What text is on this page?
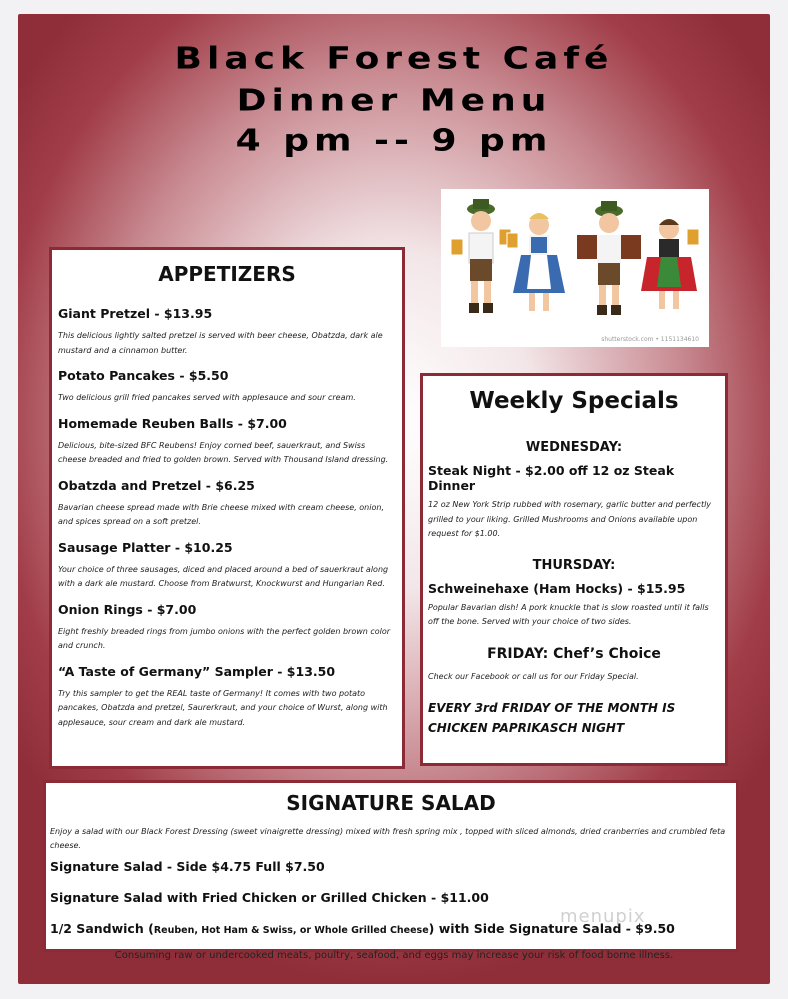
Black Forest Café
Dinner Menu
4 pm -- 9 pm
shutterstock.com • 1151134610
APPETIZERS
Giant Pretzel - $13.95
This delicious lightly salted pretzel is served with beer cheese, Obatzda, dark ale mustard and a cinnamon butter.
Potato Pancakes - $5.50
Two delicious grill fried pancakes served with applesauce and sour cream.
Homemade Reuben Balls - $7.00
Delicious, bite-sized BFC Reubens! Enjoy corned beef, sauerkraut, and Swiss cheese breaded and fried to golden brown. Served with Thousand Island dressing.
Obatzda and Pretzel - $6.25
Bavarian cheese spread made with Brie cheese mixed with cream cheese, onion, and spices spread on a soft pretzel.
Sausage Platter - $10.25
Your choice of three sausages, diced and placed around a bed of sauerkraut along with a dark ale mustard. Choose from Bratwurst, Knockwurst and Hungarian Red.
Onion Rings - $7.00
Eight freshly breaded rings from jumbo onions with the perfect golden brown color and crunch.
“A Taste of Germany” Sampler - $13.50
Try this sampler to get the REAL taste of Germany! It comes with two potato pancakes, Obatzda and pretzel, Saurerkraut, and your choice of Wurst, along with applesauce, sour cream and dark ale mustard.
Weekly Specials
WEDNESDAY:
Steak Night - $2.00 off 12 oz Steak Dinner
12 oz New York Strip rubbed with rosemary, garlic butter and perfectly grilled to your liking. Grilled Mushrooms and Onions available upon request for $1.00.
THURSDAY:
Schweinehaxe (Ham Hocks) - $15.95
Popular Bavarian dish! A pork knuckle that is slow roasted until it falls off the bone. Served with your choice of two sides.
FRIDAY: Chef’s Choice
Check our Facebook or call us for our Friday Special.
EVERY 3rd FRIDAY OF THE MONTH IS CHICKEN PAPRIKASCH NIGHT
SIGNATURE SALAD
Enjoy a salad with our Black Forest Dressing (sweet vinaigrette dressing) mixed with fresh spring mix , topped with sliced almonds, dried cranberries and crumbled feta cheese.
Signature Salad - Side $4.75 Full $7.50
Signature Salad with Fried Chicken or Grilled Chicken - $11.00
1/2 Sandwich (Reuben, Hot Ham & Swiss, or Whole Grilled Cheese) with Side Signature Salad - $9.50
Consuming raw or undercooked meats, poultry, seafood, and eggs may increase your risk of food borne illness.
menupix
